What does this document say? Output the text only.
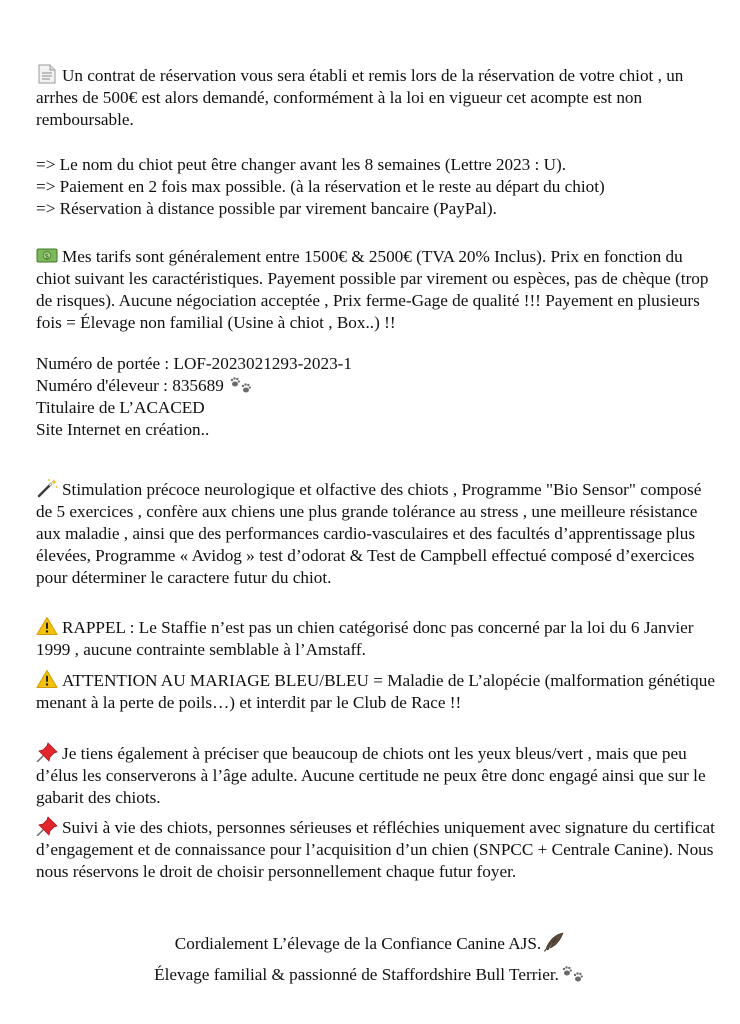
Un contrat de réservation vous sera établi et remis lors de la réservation de votre chiot , un arrhes de 500€ est alors demandé, conformément à la loi en vigueur cet acompte est non remboursable.

=> Le nom du chiot peut être changer avant les 8 semaines (Lettre 2023 : U).

=> Paiement en 2 fois max possible. (à la réservation et le reste au départ du chiot)

=> Réservation à distance possible par virement bancaire (PayPal).

$ Mes tarifs sont généralement entre 1500€ & 2500€ (TVA 20% Inclus). Prix en fonction du chiot suivant les caractéristiques. Payement possible par virement ou espèces, pas de chèque (trop de risques). Aucune négociation acceptée , Prix ferme-Gage de qualité !!! Payement en plusieurs fois = Élevage non familial (Usine à chiot , Box..) !!

Numéro de portée : LOF-2023021293-2023-1

Numéro d'éleveur : 835689

Titulaire de L’ACACED

Site Internet en création..

Stimulation précoce neurologique et olfactive des chiots , Programme "Bio Sensor" composé de 5 exercices , confère aux chiens une plus grande tolérance au stress , une meilleure résistance aux maladie , ainsi que des performances cardio-vasculaires et des facultés d’apprentissage plus élevées, Programme « Avidog » test d’odorat & Test de Campbell effectué composé d’exercices pour déterminer le caractere futur du chiot.

RAPPEL : Le Staffie n’est pas un chien catégorisé donc pas concerné par la loi du 6 Janvier 1999 , aucune contrainte semblable à l’Amstaff.

ATTENTION AU MARIAGE BLEU/BLEU = Maladie de L’alopécie (malformation génétique menant à la perte de poils…) et interdit par le Club de Race !!

Je tiens également à préciser que beaucoup de chiots ont les yeux bleus/vert , mais que peu d’élus les conserverons à l’âge adulte. Aucune certitude ne peux être donc engagé ainsi que sur le gabarit des chiots.

Suivi à vie des chiots, personnes sérieuses et réfléchies uniquement avec signature du certificat d’engagement et de connaissance pour l’acquisition d’un chien (SNPCC + Centrale Canine). Nous nous réservons le droit de choisir personnellement chaque futur foyer.

Cordialement L’élevage de la Confiance Canine AJS.

Élevage familial & passionné de Staffordshire Bull Terrier.
